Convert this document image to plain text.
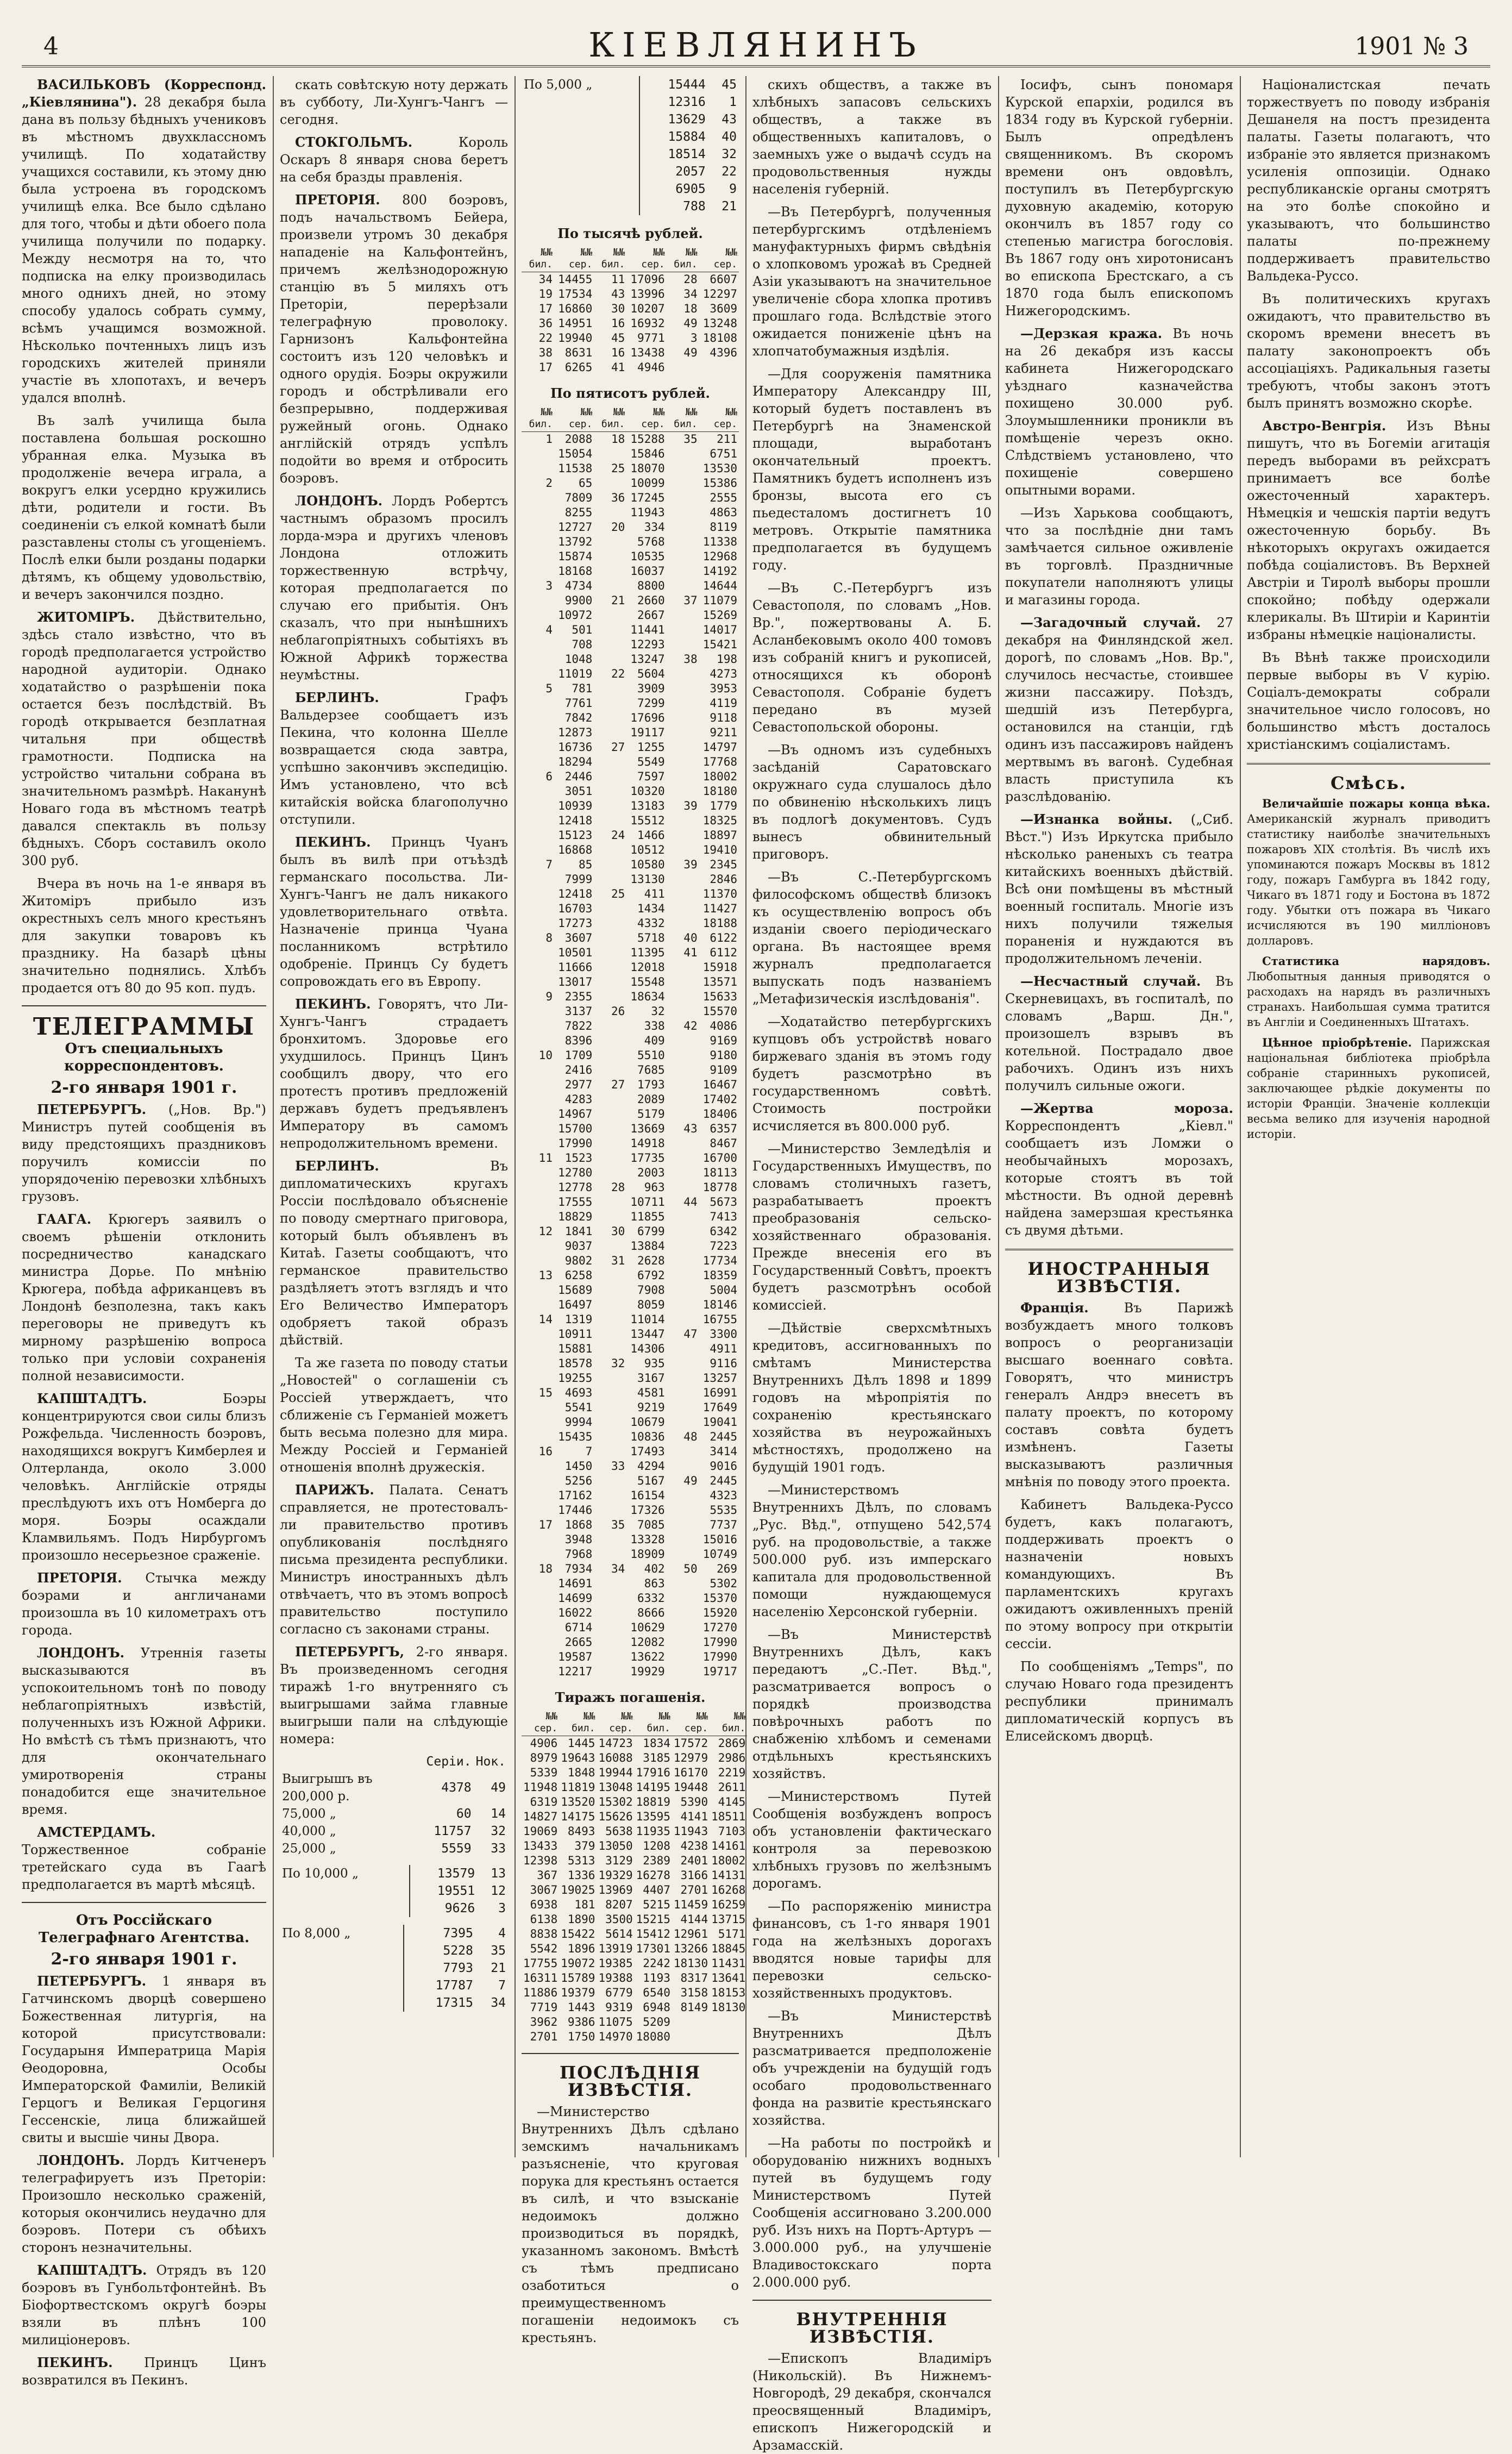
4	КІЕВЛЯНИНЪ	1901 № 3

ВАСИЛЬКОВЪ (Корреспонд. „Кіевлянина"). 28 декабря была дана въ пользу бѣдныхъ учениковъ въ мѣстномъ двухклассномъ училищѣ. По ходатайству учащихся составили, къ этому дню была устроена въ городскомъ училищѣ елка. Все было сдѣлано для того, чтобы и дѣти обоего пола училища получили по подарку. Между несмотря на то, что подписка на елку производилась много однихъ дней, но этому способу удалось собрать сумму, всѣмъ учащимся возможной. Нѣсколько почтенныхъ лицъ изъ городскихъ жителей приняли участіе въ хлопотахъ, и вечеръ удался вполнѣ.

Въ залѣ училища была поставлена большая роскошно убранная елка. Музыка въ продолженіе вечера играла, а вокругъ елки усердно кружились дѣти, родители и гости. Въ соединеніи съ елкой комнатѣ были разставлены столы съ угощеніемъ. Послѣ елки были розданы подарки дѣтямъ, къ общему удовольствію, и вечеръ закончился поздно.

ЖИТОМІРЪ. Дѣйствительно, здѣсь стало извѣстно, что въ городѣ предполагается устройство народной аудиторіи. Однако ходатайство о разрѣшеніи пока остается безъ послѣдствій. Въ городѣ открывается безплатная читальня при обществѣ грамотности. Подписка на устройство читальни собрана въ значительномъ размѣрѣ. Наканунѣ Новаго года въ мѣстномъ театрѣ давался спектакль въ пользу бѣдныхъ. Сборъ составилъ около 300 руб.

Вчера въ ночь на 1-е января въ Житоміръ прибыло изъ окрестныхъ селъ много крестьянъ для закупки товаровъ къ празднику. На базарѣ цѣны значительно поднялись. Хлѣбъ продается отъ 80 до 95 коп. пудъ.

ТЕЛЕГРАММЫ
Отъ специальныхъ корреспондентовъ.
2-го января 1901 г.

ПЕТЕРБУРГЪ. („Нов. Вр.") Министръ путей сообщенія въ виду предстоящихъ праздниковъ поручилъ комиссіи по упорядоченію перевозки хлѣбныхъ грузовъ.

ГААГА. Крюгеръ заявилъ о своемъ рѣшеніи отклонить посредничество канадскаго министра Дорье. По мнѣнію Крюгера, побѣда африканцевъ въ Лондонѣ безполезна, такъ какъ переговоры не приведутъ къ мирному разрѣшенію вопроса только при условіи сохраненія полной независимости.

КАПШТАДТЪ.	Боэры концентрируются свои силы близъ Рожфельда. Численность боэровъ, находящихся вокругъ Кимберлея и Олтерланда, около 3.000 человѣкъ. Англійскіе отряды преслѣдуютъ ихъ отъ Номберга до моря. Боэры осаждали Кламвильямъ. Подъ Нирбургомъ произошло несерьезное сраженіе.

ПРЕТОРІЯ. Стычка между боэрами и англичанами произошла въ 10 километрахъ отъ города.

ЛОНДОНЪ. Утреннія газеты высказываются въ успокоительномъ тонѣ по поводу неблагопріятныхъ извѣстій, полученныхъ изъ Южной Африки. Но вмѣстѣ съ тѣмъ признаютъ, что для окончательнаго умиротворенія страны понадобится еще значительное время.

АМСТЕРДАМЪ. Торжественное собраніе третейскаго суда въ Гаагѣ предполагается въ мартѣ мѣсяцѣ.

Отъ Россійскаго Телеграфнаго Агентства.
2-го января 1901 г.

ПЕТЕРБУРГЪ. 1 января въ Гатчинскомъ дворцѣ совершено Божественная литургія, на которой присутствовали: Государыня Императрица Марія Ѳеодоровна, Особы Императорской Фамиліи, Великій Герцогъ и Великая Герцогиня Гессенскіе, лица ближайшей свиты и высшіе чины Двора.

ЛОНДОНЪ. Лордъ Китченеръ телеграфируетъ изъ Преторіи: Произошло несколько сраженій, которыя окончились неудачно для боэровъ. Потери съ обѣихъ сторонъ незначительны.

КАПШТАДТЪ. Отрядъ въ 120 боэровъ въ Гунбольтфонтейнѣ. Въ Біофортвестскомъ округѣ боэры взяли въ плѣнъ 100 милиціонеровъ.

ПЕКИНЪ. Принцъ Цинъ возвратился въ Пекинъ.

скать совѣтскую ноту держать въ субботу, Ли-Хунгъ-Чангъ — сегодня.

СТОКГОЛЬМЪ.	Король Оскаръ 8 января снова беретъ на себя бразды правленія.

ПРЕТОРІЯ. 800 боэровъ, подъ начальствомъ Бейера, произвели утромъ 30 декабря нападеніе на Кальфонтейнъ, причемъ желѣзнодорожную станцію въ 5 миляхъ отъ Преторіи, перерѣзали телеграфную проволоку. Гарнизонъ Кальфонтейна состоитъ изъ 120 человѣкъ и одного орудія. Боэры окружили городъ и обстрѣливали его безпрерывно, поддерживая ружейный огонь. Однако англійскій отрядъ успѣлъ подойти во время и отбросить боэровъ.

ЛОНДОНЪ. Лордъ Робертсъ частнымъ образомъ просилъ лорда-мэра и другихъ членовъ Лондона отложить торжественную встрѣчу, которая предполагается по случаю его прибытія. Онъ сказалъ, что при нынѣшнихъ неблагопріятныхъ событіяхъ въ Южной Африкѣ торжества неумѣстны.

БЕРЛИНЪ.	Графъ Вальдерзее сообщаетъ изъ Пекина, что колонна Шелле возвращается сюда завтра, успѣшно закончивъ экспедицію. Имъ установлено, что всѣ китайскія войска благополучно отступили.

ПЕКИНЪ. Принцъ Чуанъ былъ въ вилѣ при отъѣздѣ германскаго посольства. Ли-Хунгъ-Чангъ не далъ никакого удовлетворительнаго отвѣта. Назначеніе принца Чуана посланникомъ встрѣтило одобреніе. Принцъ Су будетъ сопровождать его въ Европу.

ПЕКИНЪ. Говорятъ, что Ли-Хунгъ-Чангъ страдаетъ бронхитомъ. Здоровье его ухудшилось. Принцъ Цинъ сообщилъ двору, что его протестъ противъ предложеній державъ будетъ предъявленъ Императору въ самомъ непродолжительномъ времени.

БЕРЛИНЪ.	Въ дипломатическихъ кругахъ Россіи послѣдовало объясненіе по поводу смертнаго приговора, который былъ объявленъ въ Китаѣ. Газеты сообщаютъ, что германское правительство раздѣляетъ этотъ взглядъ и что Его Величество Императоръ одобряетъ такой образъ дѣйствій.

Та же газета по поводу статьи „Новостей" о соглашеніи съ Россіей утверждаетъ, что сближеніе съ Германіей можетъ быть весьма полезно для мира. Между Россіей и Германіей отношенія вполнѣ дружескія.

ПАРИЖЪ. Палата. Сенатъ справляется, не протестовалъ-ли правительство противъ опубликованія послѣдняго письма президента республики. Министръ иностранныхъ дѣлъ отвѣчаетъ, что въ этомъ вопросѣ правительство поступило согласно съ законами страны.

ПЕТЕРБУРГЪ, 2-го января. Въ произведенномъ сегодня тиражѣ 1-го внутренняго съ выигрышами займа главные выигрыши пали на слѣдующіе номера:

	Серіи.	Нок.
Выигрышъ въ 200,000 р.	4378	49
75,000 „	60	14
40,000 „	11757	32
25,000 „	5559	33
По 10,000 „	13579	13
	19551	12
	9626	3
По 8,000 „	7395	4
	5228	35
	7793	21
	17787	7
	17315	34
По 5,000 „	15444	45
	12316	1
	13629	43
	15884	40
	18514	32
	2057	22
	6905	9
	788	21
По тысячѣ рублей.
№№ бил.	№№ сер.	№№ бил.	№№ сер.	№№ бил.	№№ сер.
34	14455	11	17096	28	6607
19	17534	43	13996	34	12297
17	16860	30	10207	18	3609
36	14951	16	16932	49	13248
22	19940	45	9771	3	18108
38	8631	16	13438	49	4396
17	6265	41	4946		
По пятисотъ рублей.
№№ бил.	№№ сер.	№№ бил.	№№ сер.	№№ бил.	№№ сер.
1	2088	18	15288	35	211
	15054		15846		6751
	11538	25	18070		13530
2	65		10099		15386
	7809	36	17245		2555
	8255		11943		4863
	12727	20	334		8119
	13792		5768		11338
	15874		10535		12968
	18168		16037		14192
3	4734		8800		14644
	9900	21	2660	37	11079
	10972		2667		15269
4	501		11441		14017
	708		12293		15421
	1048		13247	38	198
	11019	22	5604		4273
5	781		3909		3953
	7761		7299		4119
	7842		17696		9118
	12873		19117		9211
	16736	27	1255		14797
	18294		5549		17768
6	2446		7597		18002
	3051		10320		18180
	10939		13183	39	1779
	12418		15512		18325
	15123	24	1466		18897
	16868		10512		19410
7	85		10580	39	2345
	7999		13130		2846
	12418	25	411		11370
	16703		1434		11427
	17273		4332		18188
8	3607		5718	40	6122
	10501		11395	41	6112
	11666		12018		15918
	13017		15548		13571
9	2355		18634		15633
	3137	26	32		15570
	7822		338	42	4086
	8396		409		9169
10	1709		5510		9180
	2416		7685		9109
	2977	27	1793		16467
	4283		2089		17402
	14967		5179		18406
	15700		13669	43	6357
	17990		14918		8467
11	1523		17735		16700
	12780		2003		18113
	12778	28	963		18778
	17555		10711	44	5673
	18829		11855		7413
12	1841	30	6799		6342
	9037		13884		7223
	9802	31	2628		17734
13	6258		6792		18359
	15689		7908		5004
	16497		8059		18146
14	1319		11014		16755
	10911		13447	47	3300
	15881		14306		4911
	18578	32	935		9116
	19255		3167		13257
15	4693		4581		16991
	5541		9219		17649
	9994		10679		19041
	15435		10836	48	2445
16	7		17493		3414
	1450	33	4294		9016
	5256		5167	49	2445
	17162		16154		4323
	17446		17326		5535
17	1868	35	7085		7737
	3948		13328		15016
	7968		18909		10749
18	7934	34	402	50	269
	14691		863		5302
	14699		6332		15370
	16022		8666		15920
	6714		10629		17270
	2665		12082		17990
	19587		13622		17990
	12217		19929		19717
Тиражъ погашенія.
№№ сер.	№№ бил.	№№ сер.	№№ бил.	№№ сер.	№№ бил.
4906	1445	14723	1834	17572	2869
8979	19643	16088	3185	12979	2986
5339	1848	19944	17916	16170	2219
11948	11819	13048	14195	19448	2611
6319	13520	15302	18819	5390	4145
14827	14175	15626	13595	4141	18511
19069	8493	5638	11935	11943	7103
13433	379	13050	1208	4238	14161
12398	5313	3129	2389	2401	18002
367	1336	19329	16278	3166	14131
3067	19025	13969	4407	2701	16268
6938	181	8207	5215	11459	16259
6138	1890	3500	15215	4144	13715
8838	15422	5614	15412	12961	5171
5542	1896	13919	17301	13266	18845
17755	19072	19385	2242	18130	11431
16311	15789	19388	1193	8317	13641
11886	19379	6779	6540	3158	18153
7719	1443	9319	6948	8149	18130
3962	9386	11075	5209		
2701	1750	14970	18080		
ПОСЛѢДНІЯ ИЗВѢСТІЯ.

—Министерство Внутреннихъ Дѣлъ сдѣлано земскимъ начальникамъ разъясненіе, что круговая порука для крестьянъ остается въ силѣ, и что взысканіе недоимокъ должно производиться въ порядкѣ, указанномъ закономъ. Вмѣстѣ съ тѣмъ предписано озаботиться о преимущественномъ погашеніи недоимокъ съ крестьянъ.

скихъ обществъ, а также въ хлѣбныхъ запасовъ сельскихъ обществъ, а также въ общественныхъ капиталовъ, о заемныхъ уже о выдачѣ ссудъ на продовольственныя нужды населенія губерній.

—Въ Петербургѣ, полученныя петербургскимъ отдѣленіемъ мануфактурныхъ фирмъ свѣдѣнія о хлопковомъ урожаѣ въ Средней Азіи указываютъ на значительное увеличеніе сбора хлопка противъ прошлаго года. Вслѣдствіе этого ожидается пониженіе цѣнъ на хлопчатобумажныя издѣлія.

—Для сооруженія памятника Императору Александру III, который будетъ поставленъ въ Петербургѣ на Знаменской площади, выработанъ окончательный проектъ. Памятникъ будетъ исполненъ изъ бронзы, высота его съ пьедесталомъ достигнетъ 10 метровъ. Открытіе памятника предполагается въ будущемъ году.

—Въ С.-Петербургъ изъ Севастополя, по словамъ „Нов. Вр.", пожертвованы А. Б. Асланбековымъ около 400 томовъ изъ собраній книгъ и рукописей, относящихся къ оборонѣ Севастополя. Собраніе будетъ передано въ музей Севастопольской обороны.

—Въ одномъ изъ судебныхъ засѣданій Саратовскаго окружнаго суда слушалось дѣло по обвиненію нѣсколькихъ лицъ въ подлогѣ документовъ. Судъ вынесъ обвинительный приговоръ.

—Въ С.-Петербургскомъ философскомъ обществѣ близокъ къ осуществленію вопросъ объ изданіи своего періодическаго органа. Въ настоящее время журналъ предполагается выпускать подъ названіемъ „Метафизическія изслѣдованія".

—Ходатайство петербургскихъ купцовъ объ устройствѣ новаго биржеваго зданія въ этомъ году будетъ разсмотрѣно въ государственномъ совѣтѣ. Стоимость постройки исчисляется въ 800.000 руб.

—Министерство Земледѣлія и Государственныхъ Имуществъ, по словамъ столичныхъ газетъ, разрабатываетъ проектъ преобразованія сельско-хозяйственнаго образованія. Прежде внесенія его въ Государственный Совѣтъ, проектъ будетъ разсмотрѣнъ особой комиссіей.

—Дѣйствіе сверхсмѣтныхъ кредитовъ, ассигнованныхъ по смѣтамъ Министерства Внутреннихъ Дѣлъ 1898 и 1899 годовъ на мѣропріятія по сохраненію крестьянскаго хозяйства въ неурожайныхъ мѣстностяхъ, продолжено на будущій 1901 годъ.

—Министерствомъ Внутреннихъ Дѣлъ, по словамъ „Рус. Вѣд.", отпущено 542,574 руб. на продовольствіе, а также 500.000 руб. изъ имперскаго капитала для продовольственной помощи нуждающемуся населенію Херсонской губерніи.

—Въ Министерствѣ Внутреннихъ Дѣлъ, какъ передаютъ „С.-Пет. Вѣд.", разсматривается вопросъ о порядкѣ производства повѣрочныхъ работъ по снабженію хлѣбомъ и семенами отдѣльныхъ крестьянскихъ хозяйствъ.

—Министерствомъ Путей Сообщенія возбужденъ вопросъ объ установленіи фактическаго контроля за перевозкою хлѣбныхъ грузовъ по желѣзнымъ дорогамъ.

—По распоряженію министра финансовъ, съ 1-го января 1901 года на желѣзныхъ дорогахъ вводятся новые тарифы для перевозки сельско-хозяйственныхъ продуктовъ.

—Въ Министерствѣ Внутреннихъ Дѣлъ разсматривается предположеніе объ учрежденіи на будущій годъ особаго продовольственнаго фонда на развитіе крестьянскаго хозяйства.

—На работы по постройкѣ и оборудованію нижнихъ водныхъ путей въ будущемъ году Министерствомъ Путей Сообщенія ассигновано 3.200.000 руб. Изъ нихъ на Портъ-Артуръ — 3.000.000 руб., на улучшеніе Владивостокскаго порта 2.000.000 руб.

ВНУТРЕННІЯ ИЗВѢСТІЯ.

—Епископъ Владиміръ (Никольскій). Въ Нижнемъ-Новгородѣ, 29 декабря, скончался преосвященный Владиміръ, епископъ Нижегородскій и Арзамасскій.

Іосифъ, сынъ пономаря Курской епархіи, родился въ 1834 году въ Курской губерніи. Былъ опредѣленъ священникомъ. Въ скоромъ времени онъ овдовѣлъ, поступилъ въ Петербургскую духовную академію, которую окончилъ въ 1857 году со степенью магистра богословія. Въ 1867 году онъ хиротонисанъ во епископа Брестскаго, а съ 1870 года былъ епископомъ Нижегородскимъ.

—Дерзкая кража. Въ ночь на 26 декабря изъ кассы кабинета Нижегородскаго уѣзднаго казначейства похищено 30.000 руб. Злоумышленники проникли въ помѣщеніе черезъ окно. Слѣдствіемъ установлено, что похищеніе совершено опытными ворами.

—Изъ Харькова сообщаютъ, что за послѣдніе дни тамъ замѣчается сильное оживленіе въ торговлѣ. Праздничные покупатели наполняютъ улицы и магазины города.

—Загадочный случай. 27 декабря на Финляндской жел. дорогѣ, по словамъ „Нов. Вр.", случилось несчастье, стоившее жизни пассажиру. Поѣздъ, шедшій изъ Петербурга, остановился на станціи, гдѣ одинъ изъ пассажировъ найденъ мертвымъ въ вагонѣ. Судебная власть приступила къ разслѣдованію.

—Изнанка войны. („Сиб. Вѣст.") Изъ Иркутска прибыло нѣсколько раненыхъ съ театра китайскихъ военныхъ дѣйствій. Всѣ они помѣщены въ мѣстный военный госпиталь. Многіе изъ нихъ получили тяжелыя пораненія и нуждаются въ продолжительномъ леченіи.

—Несчастный случай. Въ Скерневицахъ, въ госпиталѣ, по словамъ „Варш. Дн.", произошелъ взрывъ въ котельной. Пострадало двое рабочихъ. Одинъ изъ нихъ получилъ сильные ожоги.

—Жертва мороза. Корреспондентъ „Кіевл." сообщаетъ изъ Ломжи о необычайныхъ морозахъ, которые стоятъ въ той мѣстности. Въ одной деревнѣ найдена замерзшая крестьянка съ двумя дѣтьми.

ИНОСТРАННЫЯ ИЗВѢСТІЯ.

Франція.	Въ Парижѣ возбуждаетъ много толковъ вопросъ о реорганизаціи высшаго военнаго совѣта. Говорятъ, что министръ генералъ Андрэ внесетъ въ палату проектъ, по которому составъ совѣта будетъ измѣненъ. Газеты высказываютъ различныя мнѣнія по поводу этого проекта.

Кабинетъ Вальдека-Руссо будетъ, какъ полагаютъ, поддерживать проектъ о назначеніи новыхъ командующихъ. Въ парламентскихъ кругахъ ожидаютъ оживленныхъ преній по этому вопросу при открытіи сессіи.

По сообщеніямъ „Temps", по случаю Новаго года президентъ республики принималъ дипломатическій корпусъ въ Елисейскомъ дворцѣ.

Націоналистская печать торжествуетъ по поводу избранія Дешанеля на постъ президента палаты. Газеты полагаютъ, что избраніе это является признакомъ усиленія оппозиціи. Однако республиканскіе органы смотрятъ на это болѣе спокойно и указываютъ, что большинство палаты по-прежнему поддерживаетъ правительство Вальдека-Руссо.

Въ политическихъ кругахъ ожидаютъ, что правительство въ скоромъ времени внесетъ въ палату законопроектъ объ ассоціаціяхъ. Радикальныя газеты требуютъ, чтобы законъ этотъ былъ принятъ возможно скорѣе.

Австро-Венгрія. Изъ Вѣны пишутъ, что въ Богеміи агитація передъ выборами въ рейхсратъ принимаетъ все болѣе ожесточенный характеръ. Нѣмецкія и чешскія партіи ведутъ ожесточенную борьбу. Въ нѣкоторыхъ округахъ ожидается побѣда соціалистовъ. Въ Верхней Австріи и Тиролѣ выборы прошли спокойно; побѣду одержали клерикалы. Въ Штиріи и Каринтіи избраны нѣмецкіе націоналисты.

Въ Вѣнѣ также происходили первые выборы въ V курію. Соціалъ-демократы собрали значительное число голосовъ, но большинство мѣстъ досталось христіанскимъ соціалистамъ.

Смѣсь.

Величайшіе пожары конца вѣка. Американскій журналъ приводитъ статистику наиболѣе значительныхъ пожаровъ XIX столѣтія. Въ числѣ ихъ упоминаются пожаръ Москвы въ 1812 году, пожаръ Гамбурга въ 1842 году, Чикаго въ 1871 году и Бостона въ 1872 году. Убытки отъ пожара въ Чикаго исчисляются въ 190 милліоновъ долларовъ.

Статистика нарядовъ. Любопытныя данныя приводятся о расходахъ на нарядъ въ различныхъ странахъ. Наибольшая сумма тратится въ Англіи и Соединенныхъ Штатахъ.

Цѣнное пріобрѣтеніе. Парижская національная библіотека пріобрѣла собраніе старинныхъ рукописей, заключающее рѣдкіе документы по исторіи Франціи. Значеніе коллекціи весьма велико для изученія народной исторіи.
